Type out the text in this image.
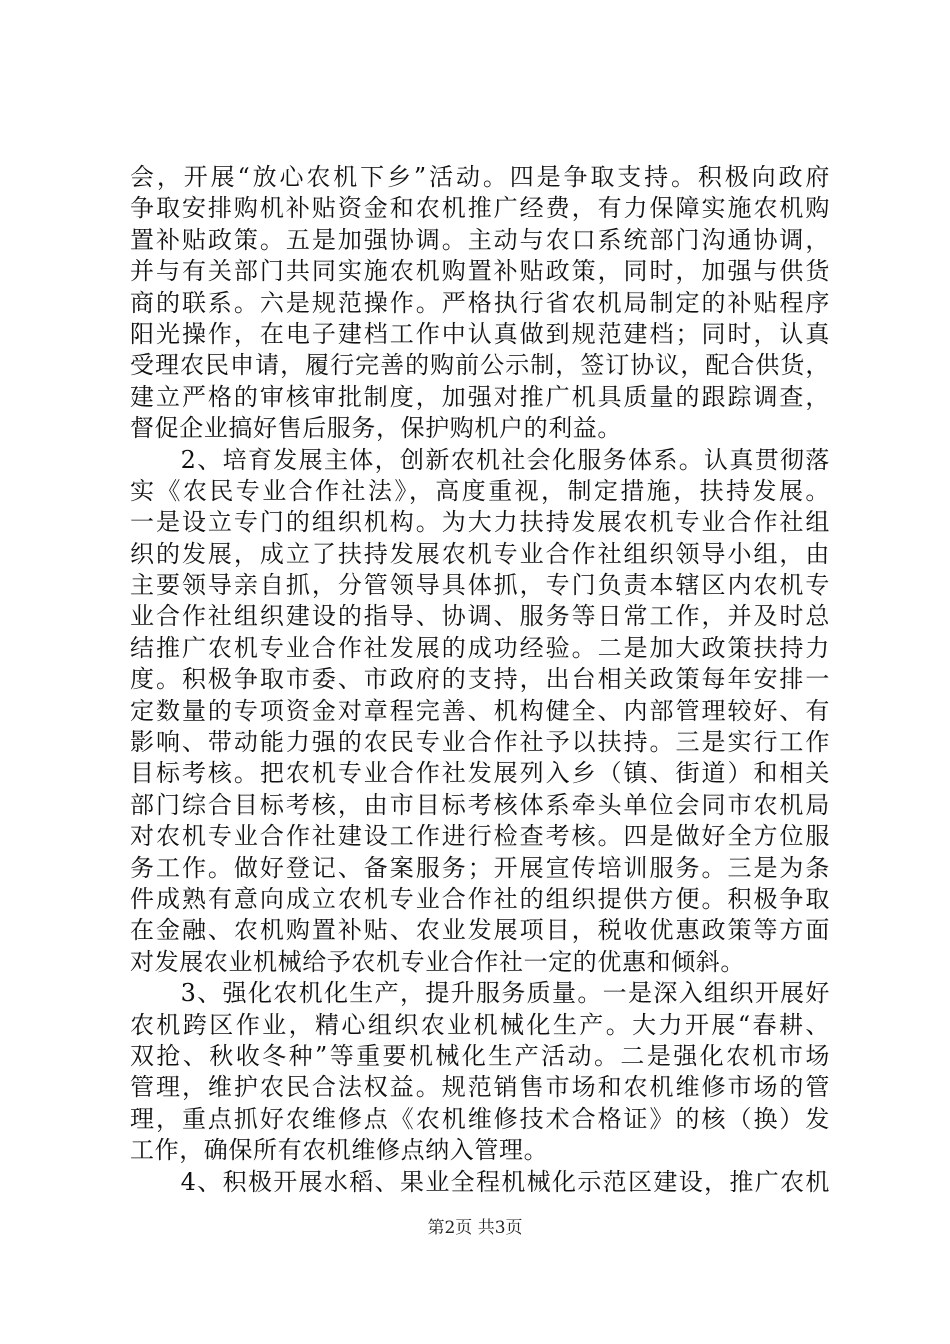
会，开展“放心农机下乡”活动。四是争取支持。积极向政府
争取安排购机补贴资金和农机推广经费，有力保障实施农机购
置补贴政策。五是加强协调。主动与农口系统部门沟通协调，
并与有关部门共同实施农机购置补贴政策，同时，加强与供货
商的联系。六是规范操作。严格执行省农机局制定的补贴程序
阳光操作，在电子建档工作中认真做到规范建档；同时，认真
受理农民申请，履行完善的购前公示制，签订协议，配合供货，
建立严格的审核审批制度，加强对推广机具质量的跟踪调查，
督促企业搞好售后服务，保护购机户的利益。
　　2、培育发展主体，创新农机社会化服务体系。认真贯彻落
实《农民专业合作社法》，高度重视，制定措施，扶持发展。
一是设立专门的组织机构。为大力扶持发展农机专业合作社组
织的发展，成立了扶持发展农机专业合作社组织领导小组，由
主要领导亲自抓，分管领导具体抓，专门负责本辖区内农机专
业合作社组织建设的指导、协调、服务等日常工作，并及时总
结推广农机专业合作社发展的成功经验。二是加大政策扶持力
度。积极争取市委、市政府的支持，出台相关政策每年安排一
定数量的专项资金对章程完善、机构健全、内部管理较好、有
影响、带动能力强的农民专业合作社予以扶持。三是实行工作
目标考核。把农机专业合作社发展列入乡（镇、街道）和相关
部门综合目标考核，由市目标考核体系牵头单位会同市农机局
对农机专业合作社建设工作进行检查考核。四是做好全方位服
务工作。做好登记、备案服务；开展宣传培训服务。三是为条
件成熟有意向成立农机专业合作社的组织提供方便。积极争取
在金融、农机购置补贴、农业发展项目，税收优惠政策等方面
对发展农业机械给予农机专业合作社一定的优惠和倾斜。
　　3、强化农机化生产，提升服务质量。一是深入组织开展好
农机跨区作业，精心组织农业机械化生产。大力开展“春耕、
双抢、秋收冬种”等重要机械化生产活动。二是强化农机市场
管理，维护农民合法权益。规范销售市场和农机维修市场的管
理，重点抓好农维修点《农机维修技术合格证》的核（换）发
工作，确保所有农机维修点纳入管理。
　　4、积极开展水稻、果业全程机械化示范区建设，推广农机
第2页 共3页
